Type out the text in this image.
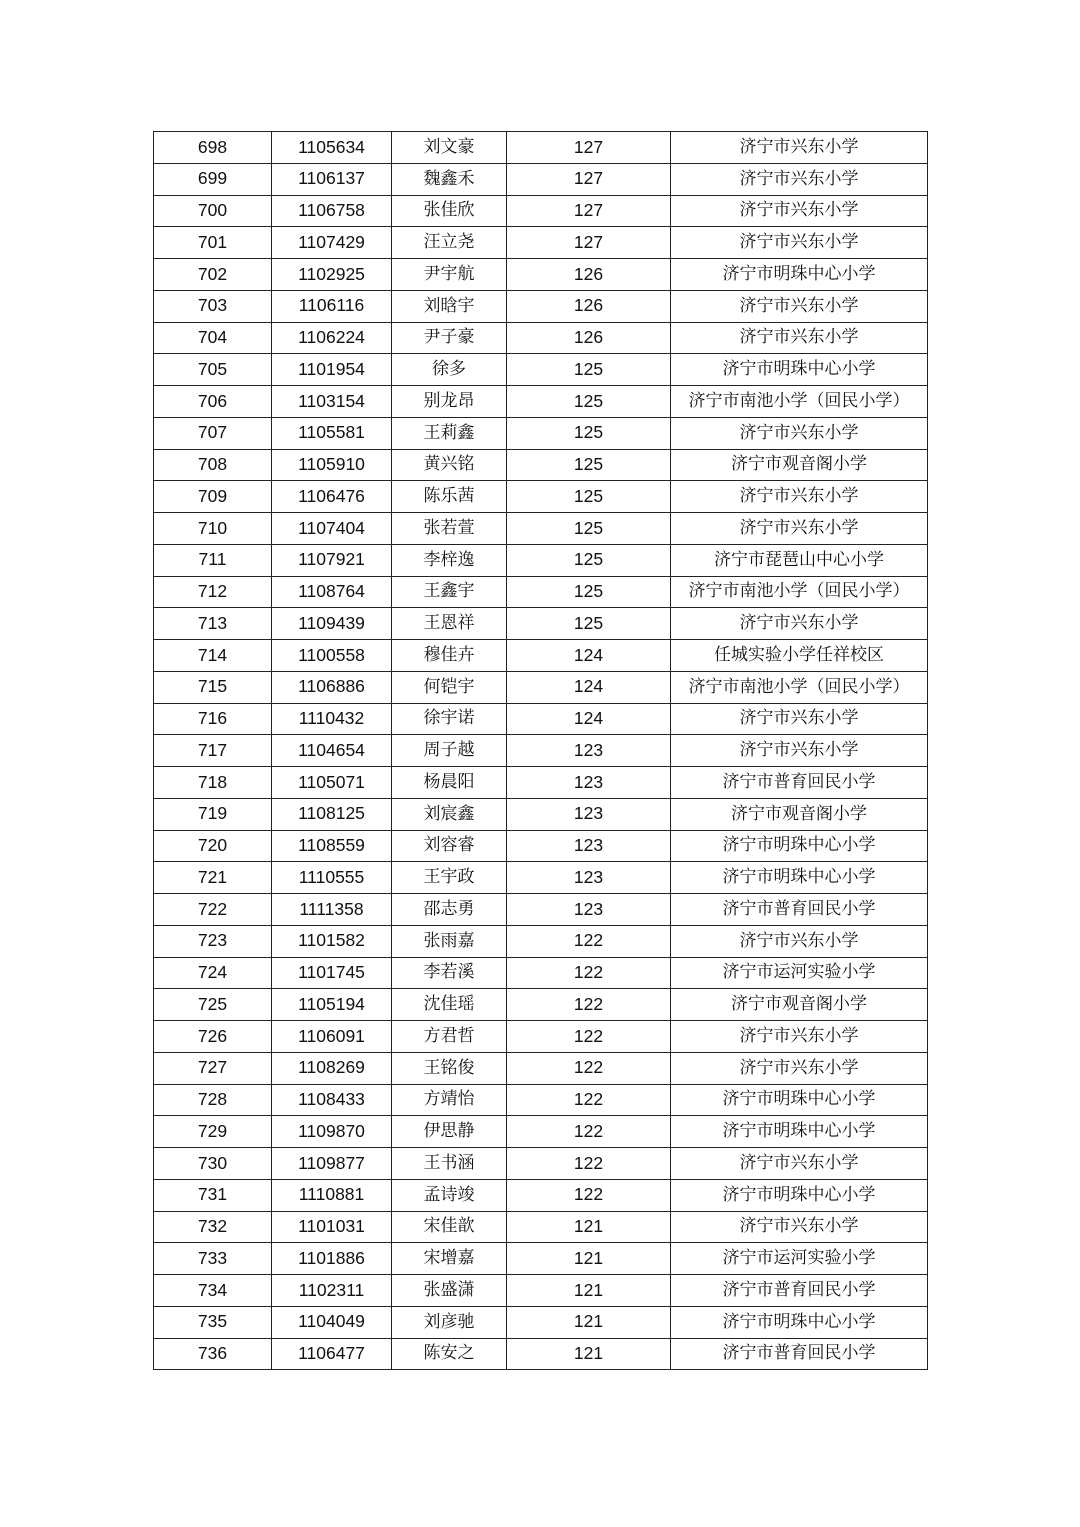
698	1105634	刘文豪	127	济宁市兴东小学
699	1106137	魏鑫禾	127	济宁市兴东小学
700	1106758	张佳欣	127	济宁市兴东小学
701	1107429	汪立尧	127	济宁市兴东小学
702	1102925	尹宇航	126	济宁市明珠中心小学
703	1106116	刘晗宇	126	济宁市兴东小学
704	1106224	尹子豪	126	济宁市兴东小学
705	1101954	徐多	125	济宁市明珠中心小学
706	1103154	别龙昂	125	济宁市南池小学（回民小学）
707	1105581	王莉鑫	125	济宁市兴东小学
708	1105910	黄兴铭	125	济宁市观音阁小学
709	1106476	陈乐茜	125	济宁市兴东小学
710	1107404	张若萱	125	济宁市兴东小学
711	1107921	李梓逸	125	济宁市琵琶山中心小学
712	1108764	王鑫宇	125	济宁市南池小学（回民小学）
713	1109439	王恩祥	125	济宁市兴东小学
714	1100558	穆佳卉	124	任城实验小学任祥校区
715	1106886	何铠宇	124	济宁市南池小学（回民小学）
716	1110432	徐宇诺	124	济宁市兴东小学
717	1104654	周子越	123	济宁市兴东小学
718	1105071	杨晨阳	123	济宁市普育回民小学
719	1108125	刘宸鑫	123	济宁市观音阁小学
720	1108559	刘容睿	123	济宁市明珠中心小学
721	1110555	王宇政	123	济宁市明珠中心小学
722	1111358	邵志勇	123	济宁市普育回民小学
723	1101582	张雨嘉	122	济宁市兴东小学
724	1101745	李若溪	122	济宁市运河实验小学
725	1105194	沈佳瑶	122	济宁市观音阁小学
726	1106091	方君哲	122	济宁市兴东小学
727	1108269	王铭俊	122	济宁市兴东小学
728	1108433	方靖怡	122	济宁市明珠中心小学
729	1109870	伊思静	122	济宁市明珠中心小学
730	1109877	王书涵	122	济宁市兴东小学
731	1110881	孟诗竣	122	济宁市明珠中心小学
732	1101031	宋佳歆	121	济宁市兴东小学
733	1101886	宋增嘉	121	济宁市运河实验小学
734	1102311	张盛潇	121	济宁市普育回民小学
735	1104049	刘彦驰	121	济宁市明珠中心小学
736	1106477	陈安之	121	济宁市普育回民小学
